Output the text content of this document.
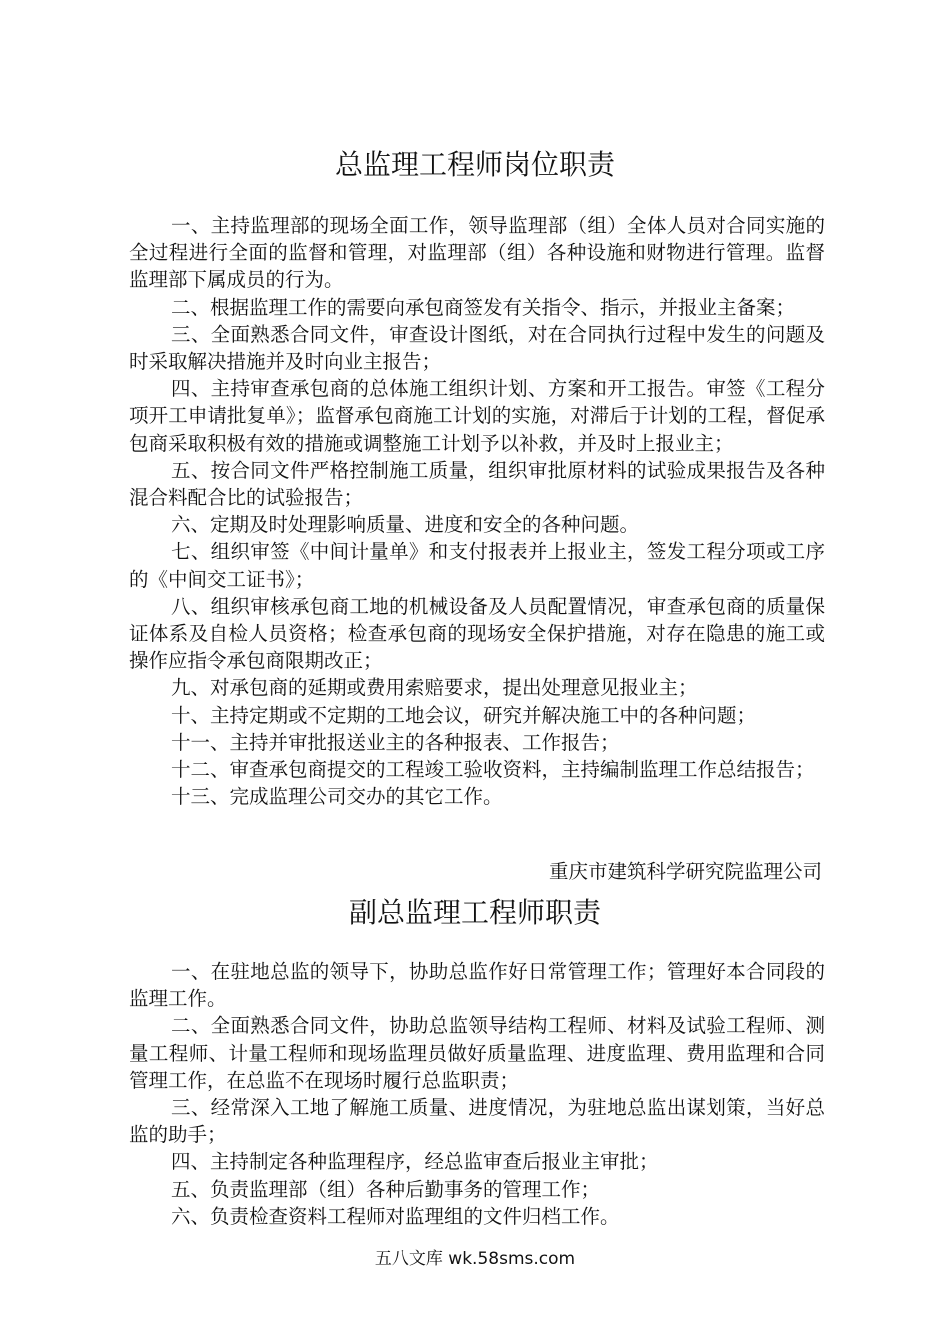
总监理工程师岗位职责

一、主持监理部的现场全面工作，领导监理部（组）全体人员对合同实施的全过程进行全面的监督和管理，对监理部（组）各种设施和财物进行管理。监督监理部下属成员的行为。

二、根据监理工作的需要向承包商签发有关指令、指示，并报业主备案；

三、全面熟悉合同文件，审查设计图纸，对在合同执行过程中发生的问题及时采取解决措施并及时向业主报告；

四、主持审查承包商的总体施工组织计划、方案和开工报告。审签《工程分项开工申请批复单》；监督承包商施工计划的实施，对滞后于计划的工程，督促承包商采取积极有效的措施或调整施工计划予以补救，并及时上报业主；

五、按合同文件严格控制施工质量，组织审批原材料的试验成果报告及各种混合料配合比的试验报告；

六、定期及时处理影响质量、进度和安全的各种问题。

七、组织审签《中间计量单》和支付报表并上报业主，签发工程分项或工序的《中间交工证书》；

八、组织审核承包商工地的机械设备及人员配置情况，审查承包商的质量保证体系及自检人员资格；检查承包商的现场安全保护措施，对存在隐患的施工或操作应指令承包商限期改正；

九、对承包商的延期或费用索赔要求，提出处理意见报业主；

十、主持定期或不定期的工地会议，研究并解决施工中的各种问题；

十一、主持并审批报送业主的各种报表、工作报告；

十二、审查承包商提交的工程竣工验收资料，主持编制监理工作总结报告；

十三、完成监理公司交办的其它工作。

重庆市建筑科学研究院监理公司
副总监理工程师职责

一、在驻地总监的领导下，协助总监作好日常管理工作；管理好本合同段的监理工作。

二、全面熟悉合同文件，协助总监领导结构工程师、材料及试验工程师、测量工程师、计量工程师和现场监理员做好质量监理、进度监理、费用监理和合同管理工作，在总监不在现场时履行总监职责；

三、经常深入工地了解施工质量、进度情况，为驻地总监出谋划策，当好总监的助手；

四、主持制定各种监理程序，经总监审查后报业主审批；

五、负责监理部（组）各种后勤事务的管理工作；

六、负责检查资料工程师对监理组的文件归档工作。

五八文库 wk.58sms.com
